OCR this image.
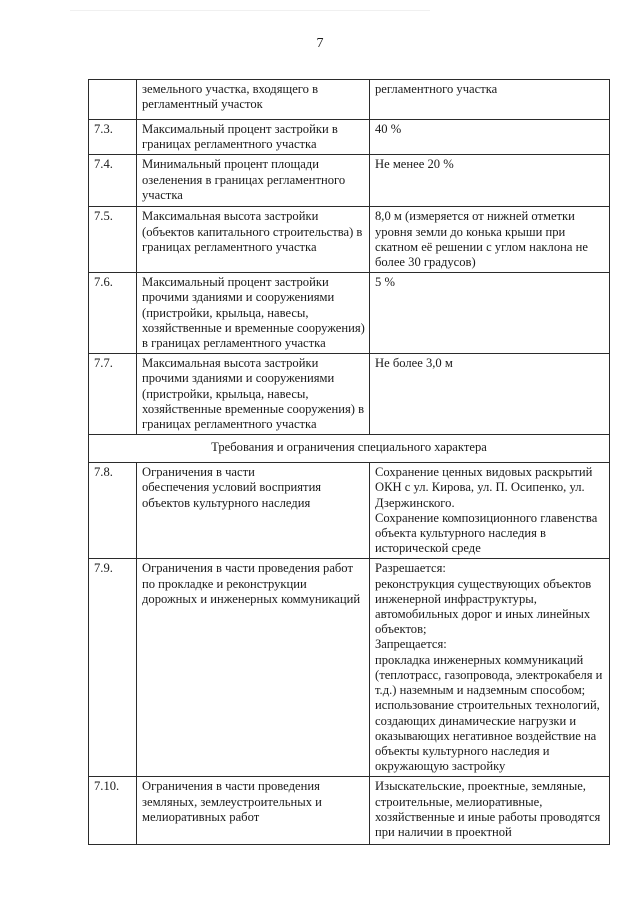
7
	земельного участка, входящего в регламентный участок	регламентного участка
7.3.	Максимальный процент застройки в границах регламентного участка	40 %
7.4.	Минимальный процент площади озеленения в границах регламентного участка	Не менее 20 %
7.5.	Максимальная высота застройки (объектов капитального строительства) в границах регламентного участка	8,0 м (измеряется от нижней отметки уровня земли до конька крыши при скатном её решении с углом наклона не более 30 градусов)
7.6.	Максимальный процент застройки прочими зданиями и сооружениями (пристройки, крыльца, навесы, хозяйственные и временные сооружения) в границах регламентного участка	5 %
7.7.	Максимальная высота застройки прочими зданиями и сооружениями (пристройки, крыльца, навесы, хозяйственные временные сооружения) в границах регламентного участка	Не более 3,0 м
Требования и ограничения специального характера		
7.8.	Ограничения в части
обеспечения условий восприятия
объектов культурного наследия	Сохранение ценных видовых раскрытий ОКН с ул. Кирова, ул. П. Осипенко, ул. Дзержинского.
Сохранение композиционного главенства объекта культурного наследия в исторической среде
7.9.	Ограничения в части проведения работ по прокладке и реконструкции дорожных и инженерных коммуникаций	Разрешается:
реконструкция существующих объектов инженерной инфраструктуры, автомобильных дорог и иных линейных объектов;
Запрещается:
прокладка инженерных коммуникаций (теплотрасс, газопровода, электрокабеля и т.д.) наземным и надземным способом;
использование строительных технологий, создающих динамические нагрузки и оказывающих негативное воздействие на объекты культурного наследия и окружающую застройку
7.10.	Ограничения в части проведения земляных, землеустроительных и мелиоративных работ	Изыскательские, проектные, земляные, строительные, мелиоративные, хозяйственные и иные работы проводятся при наличии в проектной
